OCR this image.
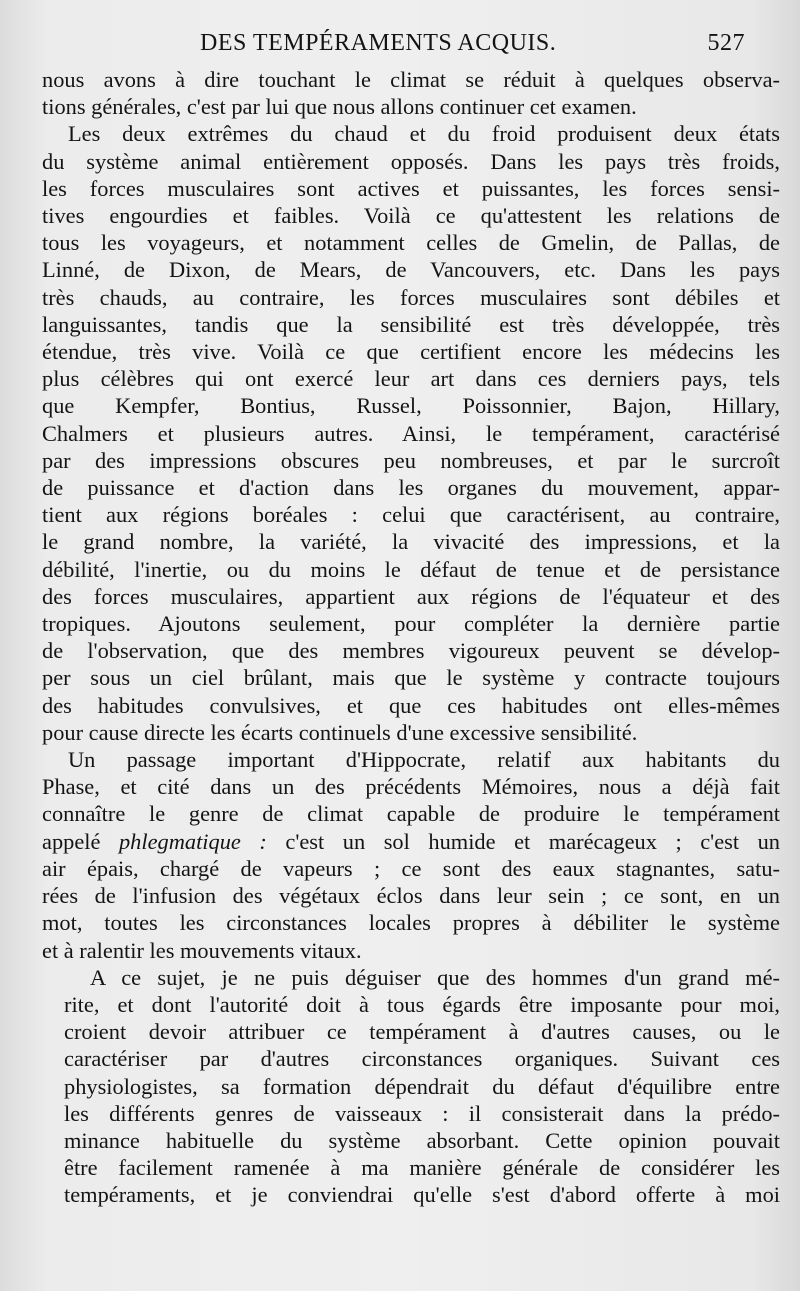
DES TEMPÉRAMENTS ACQUIS.	527

nous avons à dire touchant le climat se réduit à quelques observa-
tions générales, c'est par lui que nous allons continuer cet examen.

Les deux extrêmes du chaud et du froid produisent deux états
du système animal entièrement opposés. Dans les pays très froids,
les forces musculaires sont actives et puissantes, les forces sensi-
tives engourdies et faibles. Voilà ce qu'attestent les relations de
tous les voyageurs, et notamment celles de Gmelin, de Pallas, de
Linné, de Dixon, de Mears, de Vancouvers, etc. Dans les pays
très chauds, au contraire, les forces musculaires sont débiles et
languissantes, tandis que la sensibilité est très développée, très
étendue, très vive. Voilà ce que certifient encore les médecins les
plus célèbres qui ont exercé leur art dans ces derniers pays, tels
que Kempfer, Bontius, Russel, Poissonnier, Bajon, Hillary,
Chalmers et plusieurs autres. Ainsi, le tempérament, caractérisé
par des impressions obscures peu nombreuses, et par le surcroît
de puissance et d'action dans les organes du mouvement, appar-
tient aux régions boréales : celui que caractérisent, au contraire,
le grand nombre, la variété, la vivacité des impressions, et la
débilité, l'inertie, ou du moins le défaut de tenue et de persistance
des forces musculaires, appartient aux régions de l'équateur et des
tropiques. Ajoutons seulement, pour compléter la dernière partie
de l'observation, que des membres vigoureux peuvent se dévelop-
per sous un ciel brûlant, mais que le système y contracte toujours
des habitudes convulsives, et que ces habitudes ont elles-mêmes
pour cause directe les écarts continuels d'une excessive sensibilité.

Un passage important d'Hippocrate, relatif aux habitants du
Phase, et cité dans un des précédents Mémoires, nous a déjà fait
connaître le genre de climat capable de produire le tempérament
appelé phlegmatique : c'est un sol humide et marécageux ; c'est un
air épais, chargé de vapeurs ; ce sont des eaux stagnantes, satu-
rées de l'infusion des végétaux éclos dans leur sein ; ce sont, en un
mot, toutes les circonstances locales propres à débiliter le système
et à ralentir les mouvements vitaux.

A ce sujet, je ne puis déguiser que des hommes d'un grand mé-
rite, et dont l'autorité doit à tous égards être imposante pour moi,
croient devoir attribuer ce tempérament à d'autres causes, ou le
caractériser par d'autres circonstances organiques. Suivant ces
physiologistes, sa formation dépendrait du défaut d'équilibre entre
les différents genres de vaisseaux : il consisterait dans la prédo-
minance habituelle du système absorbant. Cette opinion pouvait
être facilement ramenée à ma manière générale de considérer les
tempéraments, et je conviendrai qu'elle s'est d'abord offerte à moi
